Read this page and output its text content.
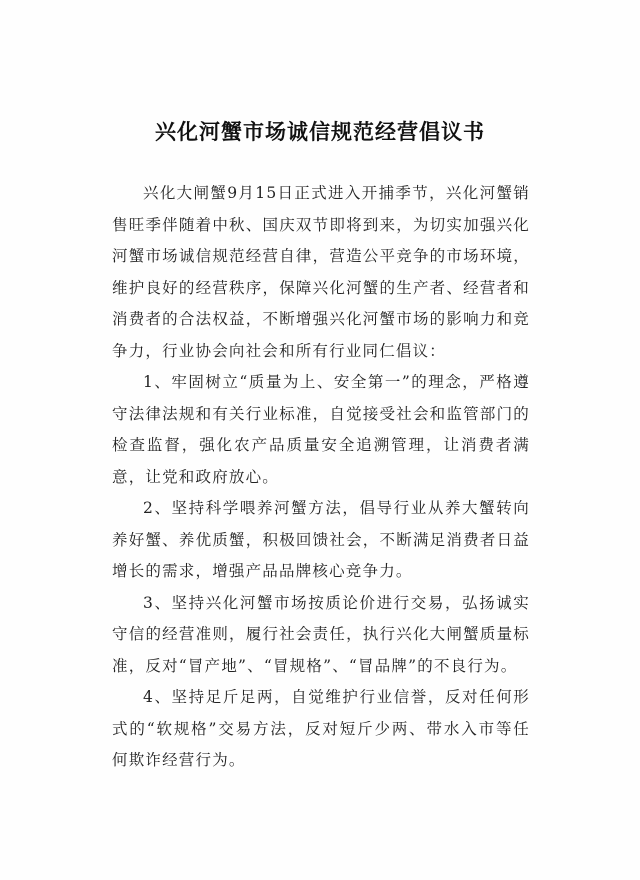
兴化河蟹市场诚信规范经营倡议书

兴化大闸蟹9月15日正式进入开捕季节，兴化河蟹销售旺季伴随着中秋、国庆双节即将到来，为切实加强兴化河蟹市场诚信规范经营自律，营造公平竞争的市场环境，维护良好的经营秩序，保障兴化河蟹的生产者、经营者和消费者的合法权益，不断增强兴化河蟹市场的影响力和竞争力，行业协会向社会和所有行业同仁倡议：

1、牢固树立“质量为上、安全第一”的理念，严格遵守法律法规和有关行业标准，自觉接受社会和监管部门的检查监督，强化农产品质量安全追溯管理，让消费者满意，让党和政府放心。

2、坚持科学喂养河蟹方法，倡导行业从养大蟹转向养好蟹、养优质蟹，积极回馈社会，不断满足消费者日益增长的需求，增强产品品牌核心竞争力。

3、坚持兴化河蟹市场按质论价进行交易，弘扬诚实守信的经营准则，履行社会责任，执行兴化大闸蟹质量标准，反对“冒产地”、“冒规格”、“冒品牌”的不良行为。

4、坚持足斤足两，自觉维护行业信誉，反对任何形式的“软规格”交易方法，反对短斤少两、带水入市等任何欺诈经营行为。
